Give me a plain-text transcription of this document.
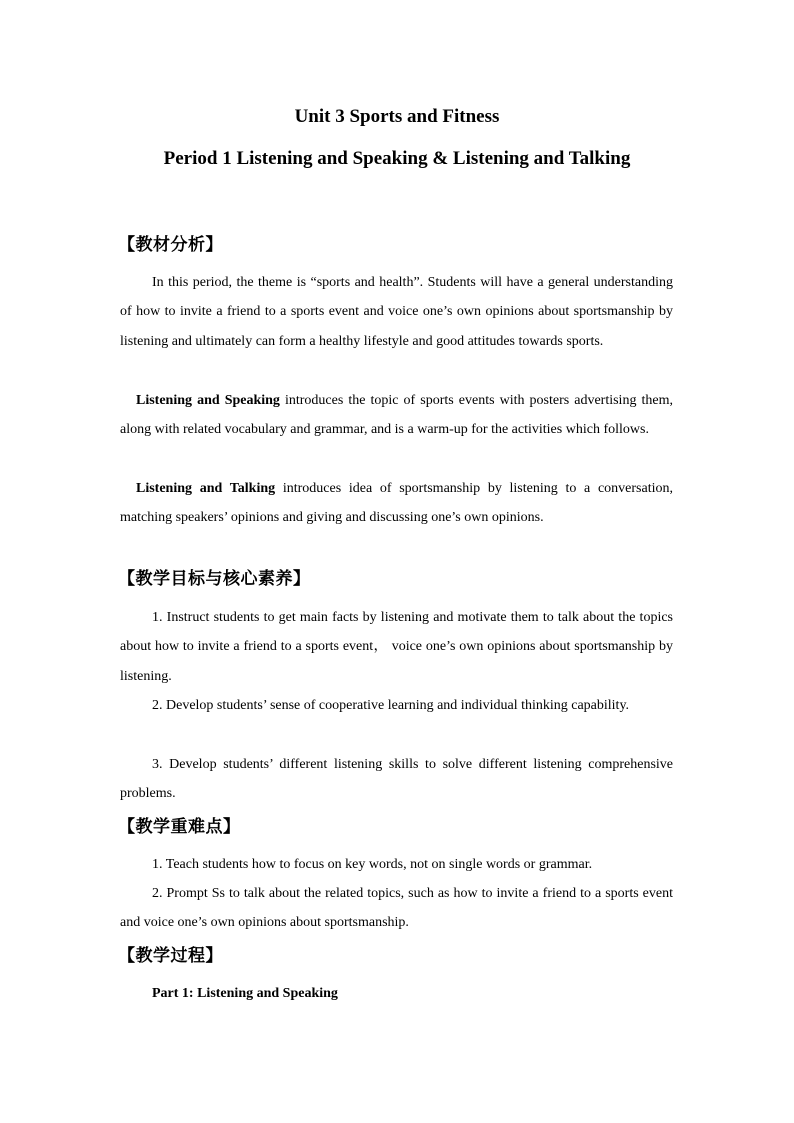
Unit 3 Sports and Fitness
Period 1 Listening and Speaking & Listening and Talking
【教材分析】
In this period, the theme is “sports and health”. Students will have a general understanding of how to invite a friend to a sports event and voice one’s own opinions about sportsmanship by listening and ultimately can form a healthy lifestyle and good attitudes towards sports.
Listening and Speaking introduces the topic of sports events with posters advertising them, along with related vocabulary and grammar, and is a warm-up for the activities which follows.
Listening and Talking introduces idea of sportsmanship by listening to a conversation, matching speakers’ opinions and giving and discussing one’s own opinions.
【教学目标与核心素养】
1. Instruct students to get main facts by listening and motivate them to talk about the topics about how to invite a friend to a sports event， voice one’s own opinions about sportsmanship by listening.
2. Develop students’ sense of cooperative learning and individual thinking capability.
3. Develop students’ different listening skills to solve different listening comprehensive problems.
【教学重难点】
1. Teach students how to focus on key words, not on single words or grammar.
2. Prompt Ss to talk about the related topics, such as how to invite a friend to a sports event and voice one’s own opinions about sportsmanship.
【教学过程】
Part 1: Listening and Speaking
